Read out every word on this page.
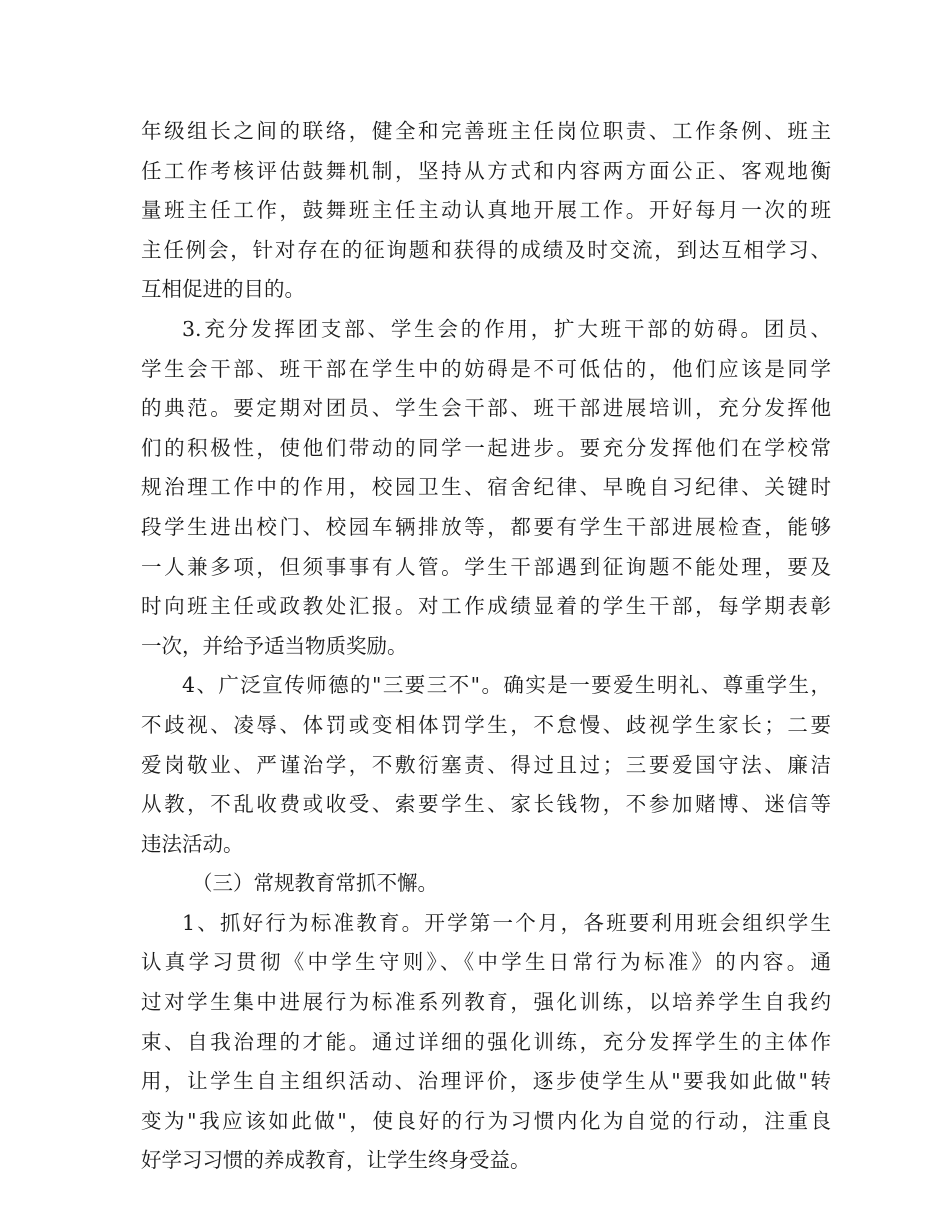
年级组长之间的联络，健全和完善班主任岗位职责、工作条例、班主
任工作考核评估鼓舞机制，坚持从方式和内容两方面公正、客观地衡
量班主任工作，鼓舞班主任主动认真地开展工作。开好每月一次的班
主任例会，针对存在的征询题和获得的成绩及时交流，到达互相学习、
互相促进的目的。
3.充分发挥团支部、学生会的作用，扩大班干部的妨碍。团员、
学生会干部、班干部在学生中的妨碍是不可低估的，他们应该是同学
的典范。要定期对团员、学生会干部、班干部进展培训，充分发挥他
们的积极性，使他们带动的同学一起进步。要充分发挥他们在学校常
规治理工作中的作用，校园卫生、宿舍纪律、早晚自习纪律、关键时
段学生进出校门、校园车辆排放等，都要有学生干部进展检查，能够
一人兼多项，但须事事有人管。学生干部遇到征询题不能处理，要及
时向班主任或政教处汇报。对工作成绩显着的学生干部，每学期表彰
一次，并给予适当物质奖励。
4、广泛宣传师德的"三要三不"。确实是一要爱生明礼、尊重学生，
不歧视、凌辱、体罚或变相体罚学生，不怠慢、歧视学生家长；二要
爱岗敬业、严谨治学，不敷衍塞责、得过且过；三要爱国守法、廉洁
从教，不乱收费或收受、索要学生、家长钱物，不参加赌博、迷信等
违法活动。
（三）常规教育常抓不懈。
1、抓好行为标准教育。开学第一个月，各班要利用班会组织学生
认真学习贯彻《中学生守则》、《中学生日常行为标准》的内容。通
过对学生集中进展行为标准系列教育，强化训练，以培养学生自我约
束、自我治理的才能。通过详细的强化训练，充分发挥学生的主体作
用，让学生自主组织活动、治理评价，逐步使学生从"要我如此做"转
变为"我应该如此做"，使良好的行为习惯内化为自觉的行动，注重良
好学习习惯的养成教育，让学生终身受益。
